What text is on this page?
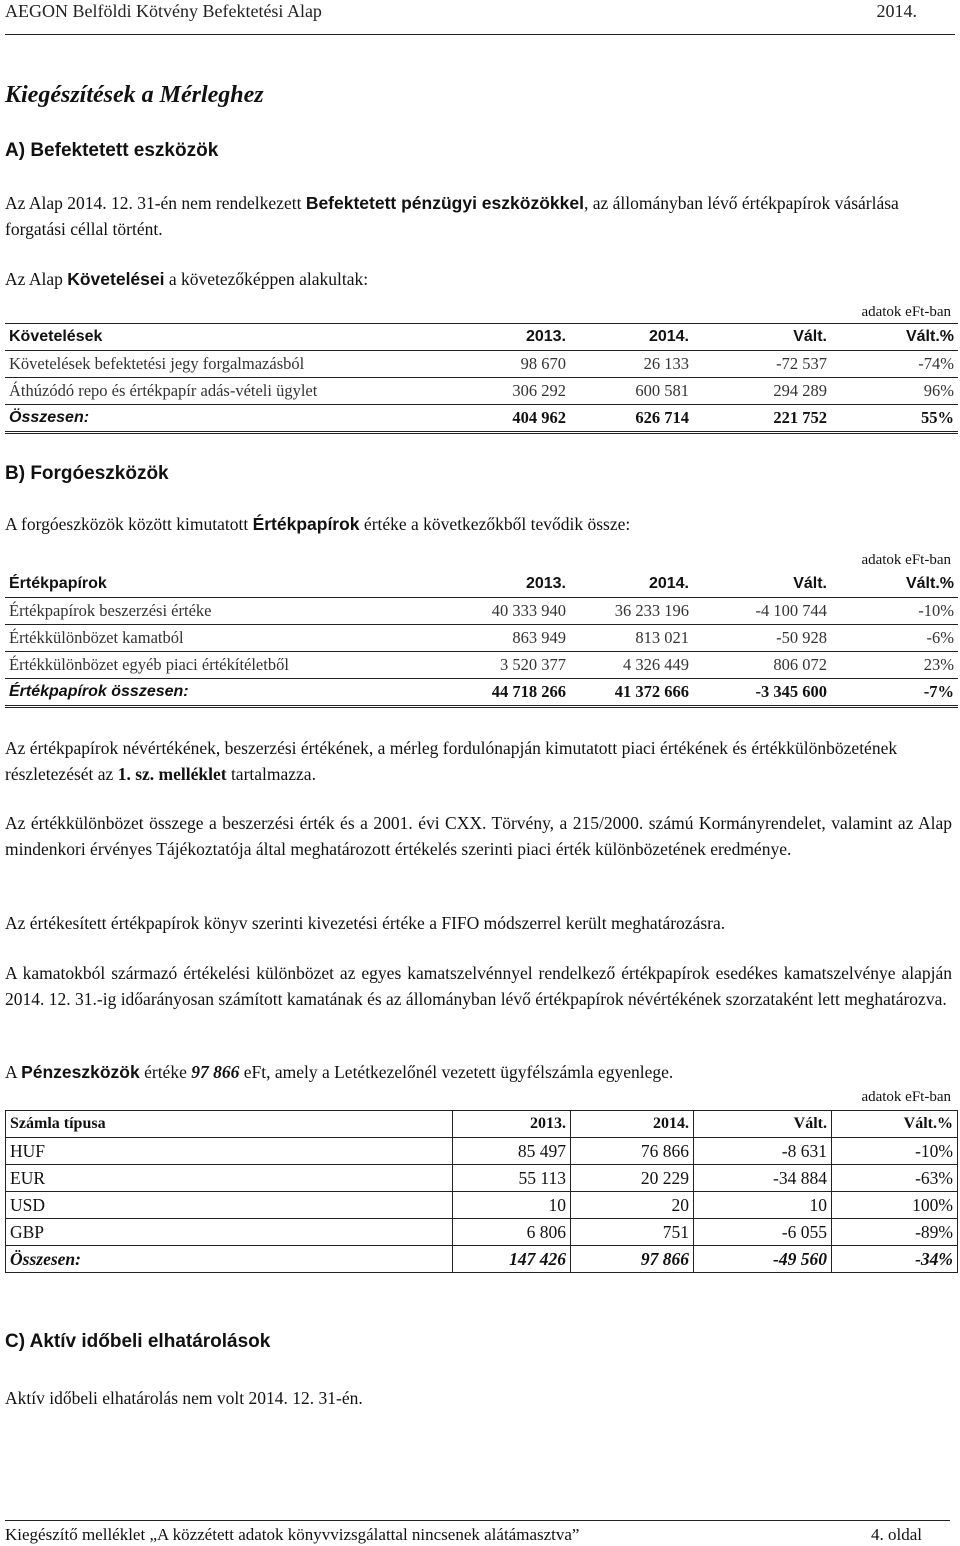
AEGON Belföldi Kötvény Befektetési Alap	2014.
Kiegészítések a Mérleghez
A) Befektetett eszközök
Az Alap 2014. 12. 31-én nem rendelkezett Befektetett pénzügyi eszközökkel, az állományban lévő értékpapírok vásárlása forgatási céllal történt.
Az Alap Követelései a követezőképpen alakultak:
adatok eFt-ban
Követelések	2013.	2014.	Vált.	Vált.%
Követelések befektetési jegy forgalmazásból	98 670	26 133	-72 537	-74%
Áthúzódó repo és értékpapír adás-vételi ügylet	306 292	600 581	294 289	96%
Összesen:	404 962	626 714	221 752	55%
B) Forgóeszközök
A forgóeszközök között kimutatott Értékpapírok értéke a következőkből tevődik össze:
adatok eFt-ban
Értékpapírok	2013.	2014.	Vált.	Vált.%
Értékpapírok beszerzési értéke	40 333 940	36 233 196	-4 100 744	-10%
Értékkülönbözet kamatból	863 949	813 021	-50 928	-6%
Értékkülönbözet egyéb piaci értékítéletből	3 520 377	4 326 449	806 072	23%
Értékpapírok összesen:	44 718 266	41 372 666	-3 345 600	-7%
Az értékpapírok névértékének, beszerzési értékének, a mérleg fordulónapján kimutatott piaci értékének és értékkülönbözetének részletezését az 1. sz. melléklet tartalmazza.
Az értékkülönbözet összege a beszerzési érték és a 2001. évi CXX. Törvény, a 215/2000. számú Kormányrendelet, valamint az Alap mindenkori érvényes Tájékoztatója által meghatározott értékelés szerinti piaci érték különbözetének eredménye.
Az értékesített értékpapírok könyv szerinti kivezetési értéke a FIFO módszerrel került meghatározásra.
A kamatokból származó értékelési különbözet az egyes kamatszelvénnyel rendelkező értékpapírok esedékes kamatszelvénye alapján 2014. 12. 31.-ig időarányosan számított kamatának és az állományban lévő értékpapírok névértékének szorzataként lett meghatározva.
A Pénzeszközök értéke 97 866 eFt, amely a Letétkezelőnél vezetett ügyfélszámla egyenlege.
adatok eFt-ban
Számla típusa	2013.	2014.	Vált.	Vált.%
HUF	85 497	76 866	-8 631	-10%
EUR	55 113	20 229	-34 884	-63%
USD	10	20	10	100%
GBP	6 806	751	-6 055	-89%
Összesen:	147 426	97 866	-49 560	-34%
C) Aktív időbeli elhatárolások
Aktív időbeli elhatárolás nem volt 2014. 12. 31-én.
Kiegészítő melléklet „A közzétett adatok könyvvizsgálattal nincsenek alátámasztva”	4. oldal
